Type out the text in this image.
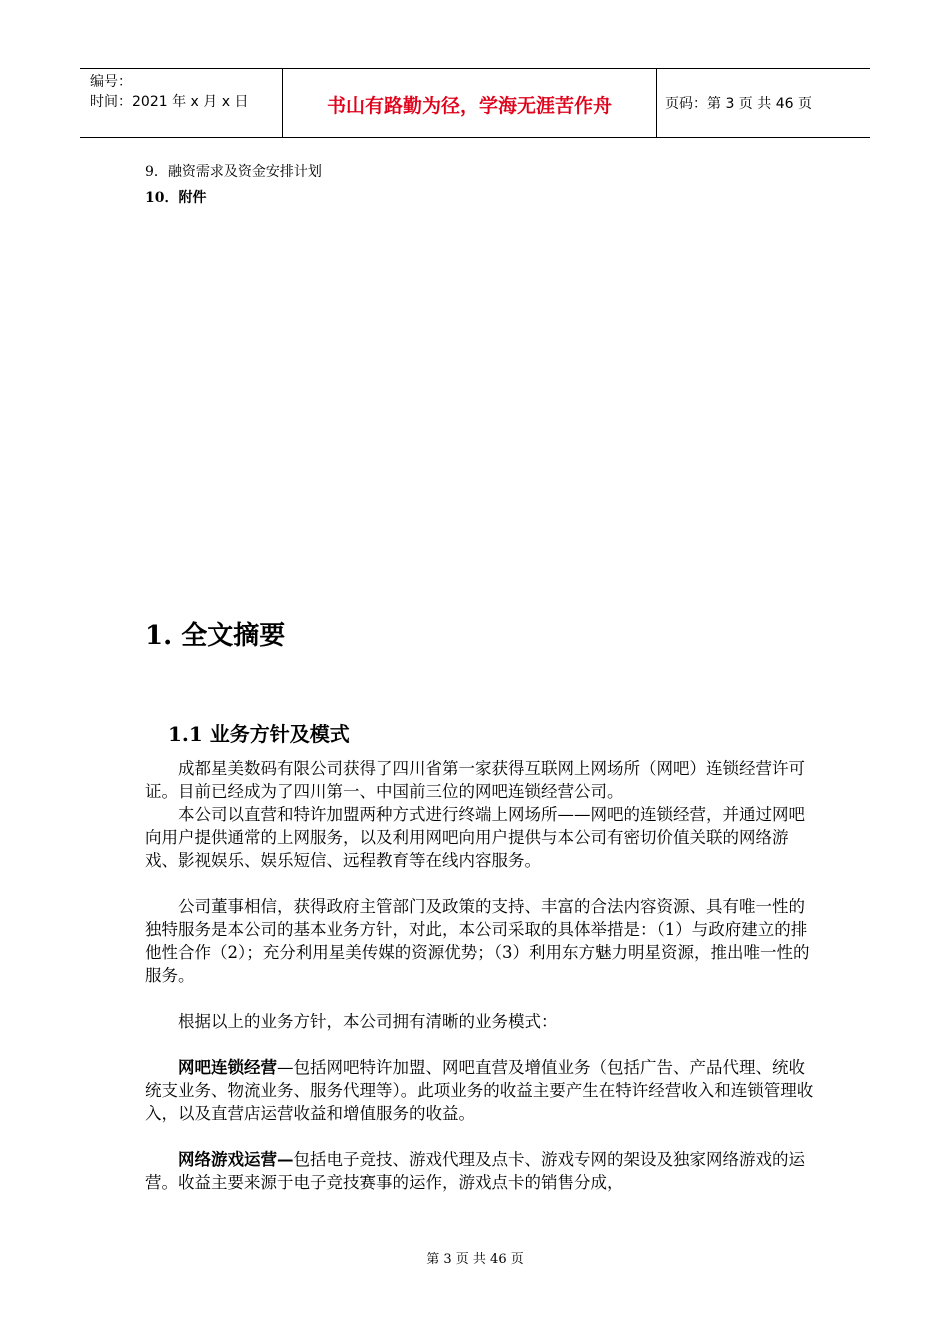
编号：
时间：2021 年 x 月 x 日	书山有路勤为径，学海无涯苦作舟	页码：第 3 页 共 46 页
9．融资需求及资金安排计划
10．附件
1. 全文摘要
1.1 业务方针及模式

成都星美数码有限公司获得了四川省第一家获得互联网上网场所（网吧）连锁经营许可证。目前已经成为了四川第一、中国前三位的网吧连锁经营公司。

本公司以直营和特许加盟两种方式进行终端上网场所——网吧的连锁经营，并通过网吧向用户提供通常的上网服务，以及利用网吧向用户提供与本公司有密切价值关联的网络游戏、影视娱乐、娱乐短信、远程教育等在线内容服务。

公司董事相信，获得政府主管部门及政策的支持、丰富的合法内容资源、具有唯一性的独特服务是本公司的基本业务方针，对此，本公司采取的具体举措是：（1）与政府建立的排他性合作（2）；充分利用星美传媒的资源优势；（3）利用东方魅力明星资源，推出唯一性的服务。

根据以上的业务方针，本公司拥有清晰的业务模式：

网吧连锁经营—包括网吧特许加盟、网吧直营及增值业务（包括广告、产品代理、统收统支业务、物流业务、服务代理等）。此项业务的收益主要产生在特许经营收入和连锁管理收入，以及直营店运营收益和增值服务的收益。

网络游戏运营—包括电子竞技、游戏代理及点卡、游戏专网的架设及独家网络游戏的运营。收益主要来源于电子竞技赛事的运作，游戏点卡的销售分成，

第 3 页 共 46 页
